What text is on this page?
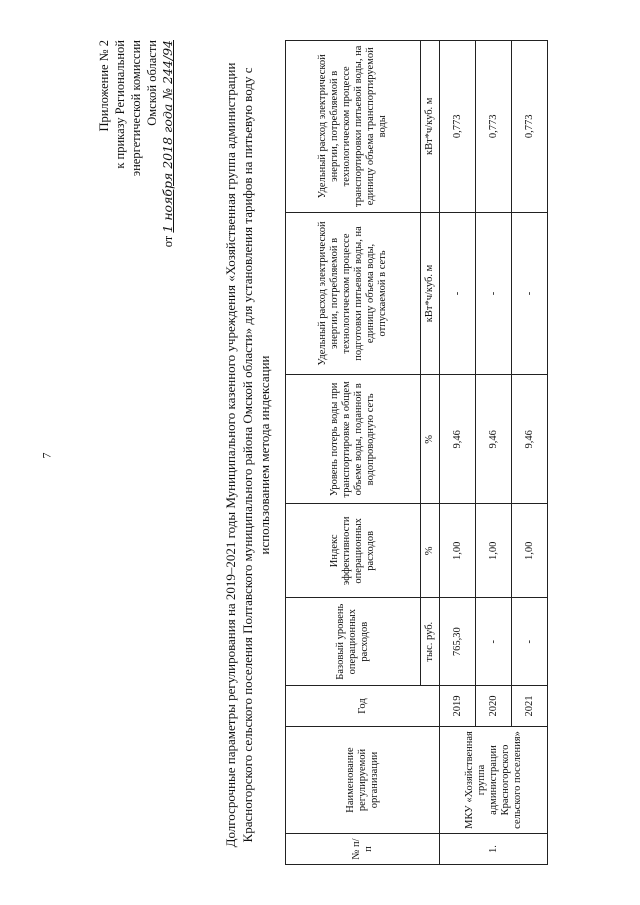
7
Приложение № 2 к приказу Региональной энергетической комиссии Омской области
от 1 ноября 2018 года № 244/94	Долгосрочные параметры регулирования на 2019–2021 годы Муниципального казенного учреждения «Хозяйственная группа администрации Красногорского сельского поселения Полтавского муниципального района Омской области» для установления тарифов на питьевую воду с использованием метода индексации
№ п/п	Наименование регулируемой организации	Год	Базовый уровень операционных расходов	Индекс эффективности операционных расходов	Уровень потерь воды при транспортировке в общем объеме воды, поданной в водопроводную сеть	Удельный расход электрической энергии, потребляемой в технологическом процессе подготовки питьевой воды, на единицу объема воды, отпускаемой в сеть	Удельный расход электрической энергии, потребляемой в технологическом процессе транспортировки питьевой воды, на единицу объема транспортируемой воды
			тыс. руб.	%	%	кВт*ч/куб. м	кВт*ч/куб. м
1.	МКУ «Хозяйственная группа администрации Красногорского сельского поселения»	2019	765,30	1,00	9,46	-	0,773
		2020	-	1,00	9,46	-	0,773
		2021	-	1,00	9,46	-	0,773
